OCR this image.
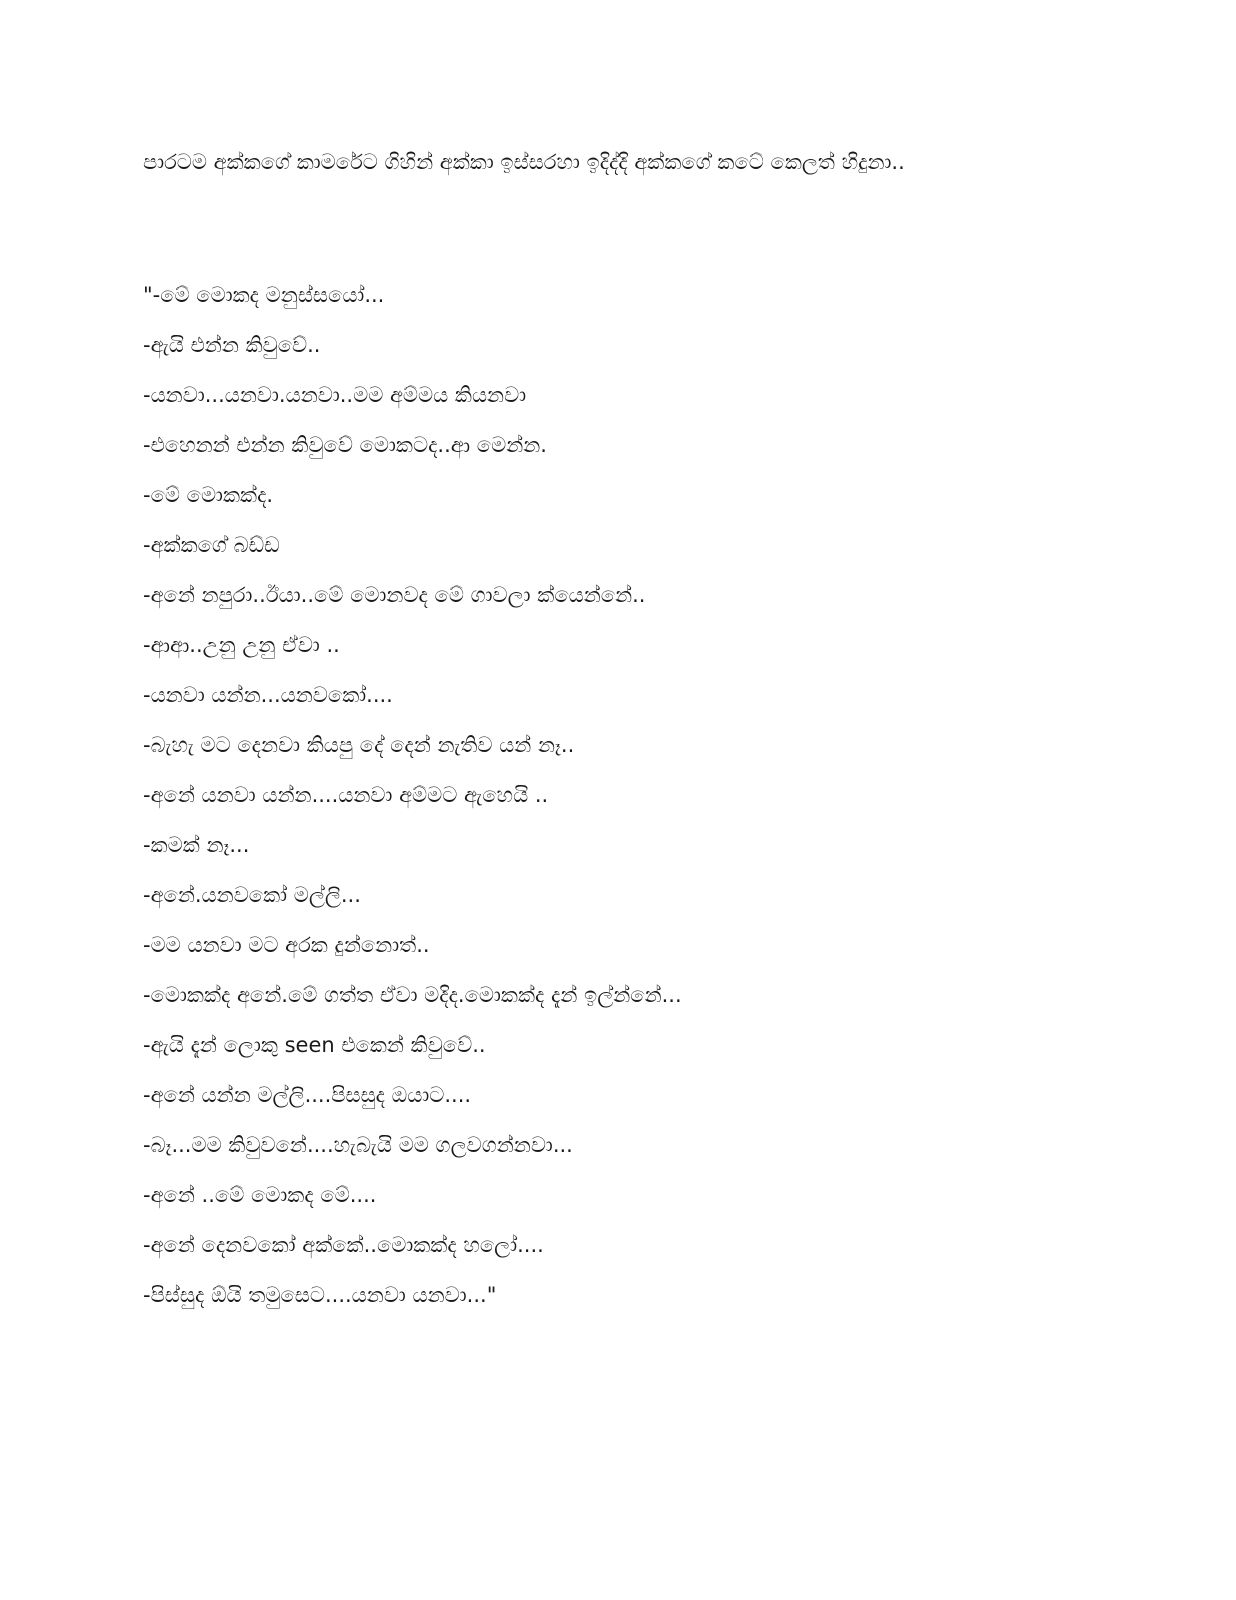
පාරටම අක්කගේ කාමරේට ගිහින් අක්කා ඉස්සරහා ඉදිද්දි අක්කගේ කටේ කෙලත් හිදුනා..

"-මේ මොකද මනුස්සයෝ...
-ඇයි එන්න කිවුවේ..
-යනවා...යනවා.යනවා..මම අම්මය කියනවා
-එහෙනන් එන්න කිවුවේ මොකටද..ආ මෙන්න.
-මේ මොකක්ද.
-අක්කගේ බඩ්ඩ
-අනේ නපුරා..ඊයා..මේ මොනවද මේ ගාවලා ක්යෙන්නේ..
-ආආ..උනු උනු ඒවා ..
-යනවා යන්න...යනවකෝ....
-බැහැ මට දෙනවා කියපු දේ දෙන් නැතිව යන් නෑ..
-අනේ යනවා යන්න....යනවා අම්මට ඇහෙයි ..
-කමක් නෑ...
-අනේ.යනවකෝ මල්ලි...
-මම යනවා මට අරක දුන්නොත්..
-මොකක්ද අනේ.මේ ගත්ත ඒවා මදිද.මොකක්ද දැන් ඉල්න්නේ...
-ඇයි දැන් ලොකු seen එකෙන් කිවුවේ..
-අනේ යන්න මල්ලි....පිසසුද ඔයාට....
-බෑ...මම කිවුවනේ....හැබැයි මම ගලවගන්නවා...
-අනේ ..මේ මොකද මේ....
-අනේ දෙනවකෝ අක්කේ..මොකක්ද හලෝ....
-පිස්සුද ඕයි තමුසෙට....යනවා යනවා..."
